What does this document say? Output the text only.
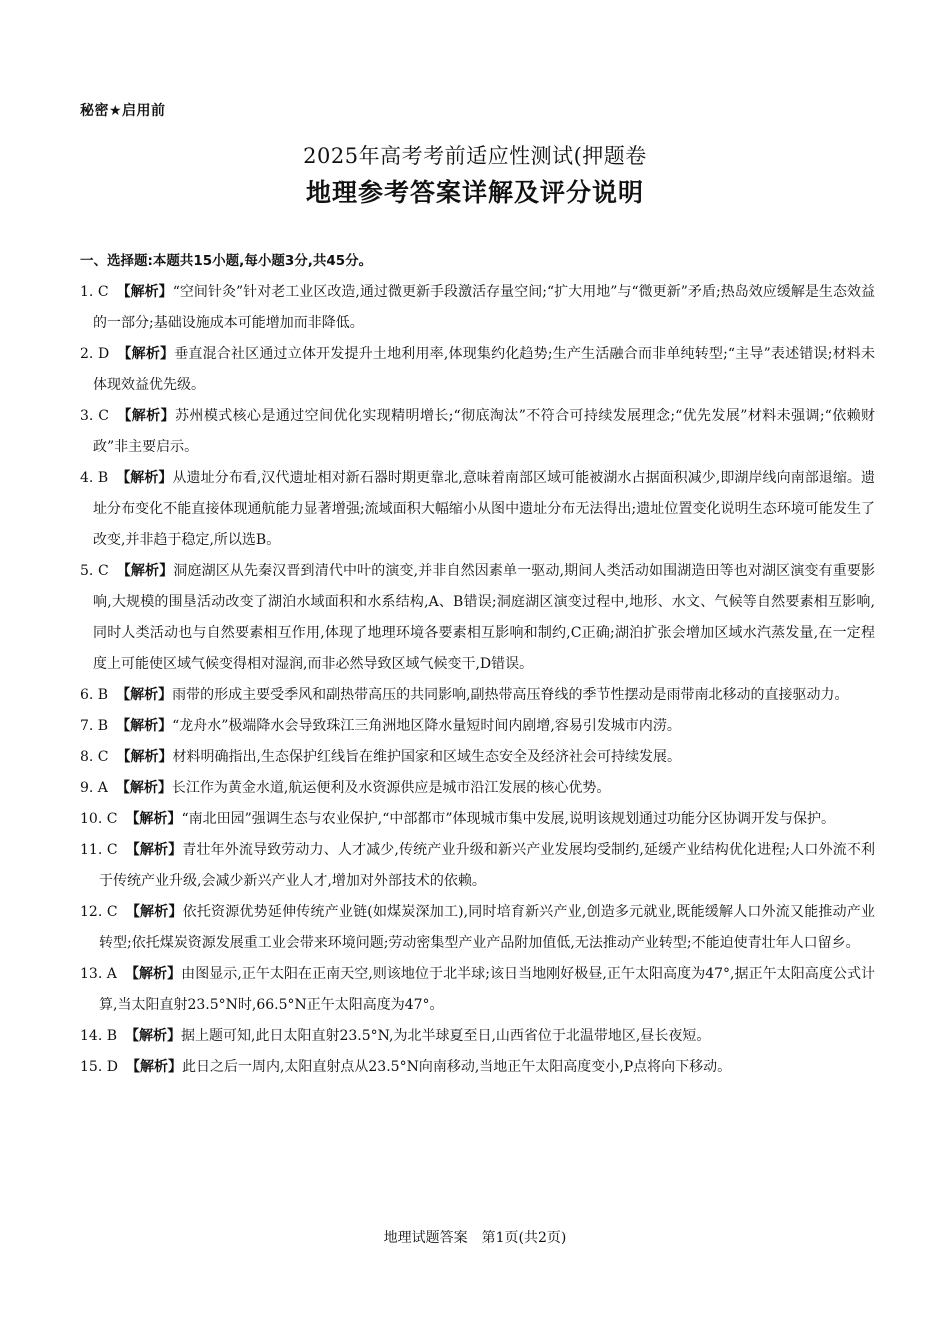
秘密★启用前
2025年高考考前适应性测试(押题卷
地理参考答案详解及评分说明
一、选择题:本题共15小题,每小题3分,共45分。

1. C 【解析】“空间针灸”针对老工业区改造,通过微更新手段激活存量空间;“扩大用地”与“微更新”矛盾;热岛效应缓解是生态效益的一部分;基础设施成本可能增加而非降低。

2. D 【解析】垂直混合社区通过立体开发提升土地利用率,体现集约化趋势;生产生活融合而非单纯转型;“主导”表述错误;材料未体现效益优先级。

3. C 【解析】苏州模式核心是通过空间优化实现精明增长;“彻底淘汰”不符合可持续发展理念;“优先发展”材料未强调;“依赖财政”非主要启示。

4. B 【解析】从遗址分布看,汉代遗址相对新石器时期更靠北,意味着南部区域可能被湖水占据面积减少,即湖岸线向南部退缩。遗址分布变化不能直接体现通航能力显著增强;流域面积大幅缩小从图中遗址分布无法得出;遗址位置变化说明生态环境可能发生了改变,并非趋于稳定,所以选B。

5. C 【解析】洞庭湖区从先秦汉晋到清代中叶的演变,并非自然因素单一驱动,期间人类活动如围湖造田等也对湖区演变有重要影响,大规模的围垦活动改变了湖泊水域面积和水系结构,A、B错误;洞庭湖区演变过程中,地形、水文、气候等自然要素相互影响,同时人类活动也与自然要素相互作用,体现了地理环境各要素相互影响和制约,C正确;湖泊扩张会增加区域水汽蒸发量,在一定程度上可能使区域气候变得相对湿润,而非必然导致区域气候变干,D错误。

6. B 【解析】雨带的形成主要受季风和副热带高压的共同影响,副热带高压脊线的季节性摆动是雨带南北移动的直接驱动力。

7. B 【解析】“龙舟水”极端降水会导致珠江三角洲地区降水量短时间内剧增,容易引发城市内涝。

8. C 【解析】材料明确指出,生态保护红线旨在维护国家和区域生态安全及经济社会可持续发展。

9. A 【解析】长江作为黄金水道,航运便利及水资源供应是城市沿江发展的核心优势。

10. C 【解析】“南北田园”强调生态与农业保护,“中部都市”体现城市集中发展,说明该规划通过功能分区协调开发与保护。

11. C 【解析】青壮年外流导致劳动力、人才减少,传统产业升级和新兴产业发展均受制约,延缓产业结构优化进程;人口外流不利于传统产业升级,会减少新兴产业人才,增加对外部技术的依赖。

12. C 【解析】依托资源优势延伸传统产业链(如煤炭深加工),同时培育新兴产业,创造多元就业,既能缓解人口外流又能推动产业转型;依托煤炭资源发展重工业会带来环境问题;劳动密集型产业产品附加值低,无法推动产业转型;不能迫使青壮年人口留乡。

13. A 【解析】由图显示,正午太阳在正南天空,则该地位于北半球;该日当地刚好极昼,正午太阳高度为47°,据正午太阳高度公式计算,当太阳直射23.5°N时,66.5°N正午太阳高度为47°。

14. B 【解析】据上题可知,此日太阳直射23.5°N,为北半球夏至日,山西省位于北温带地区,昼长夜短。

15. D 【解析】此日之后一周内,太阳直射点从23.5°N向南移动,当地正午太阳高度变小,P点将向下移动。

地理试题答案　第1页(共2页)
